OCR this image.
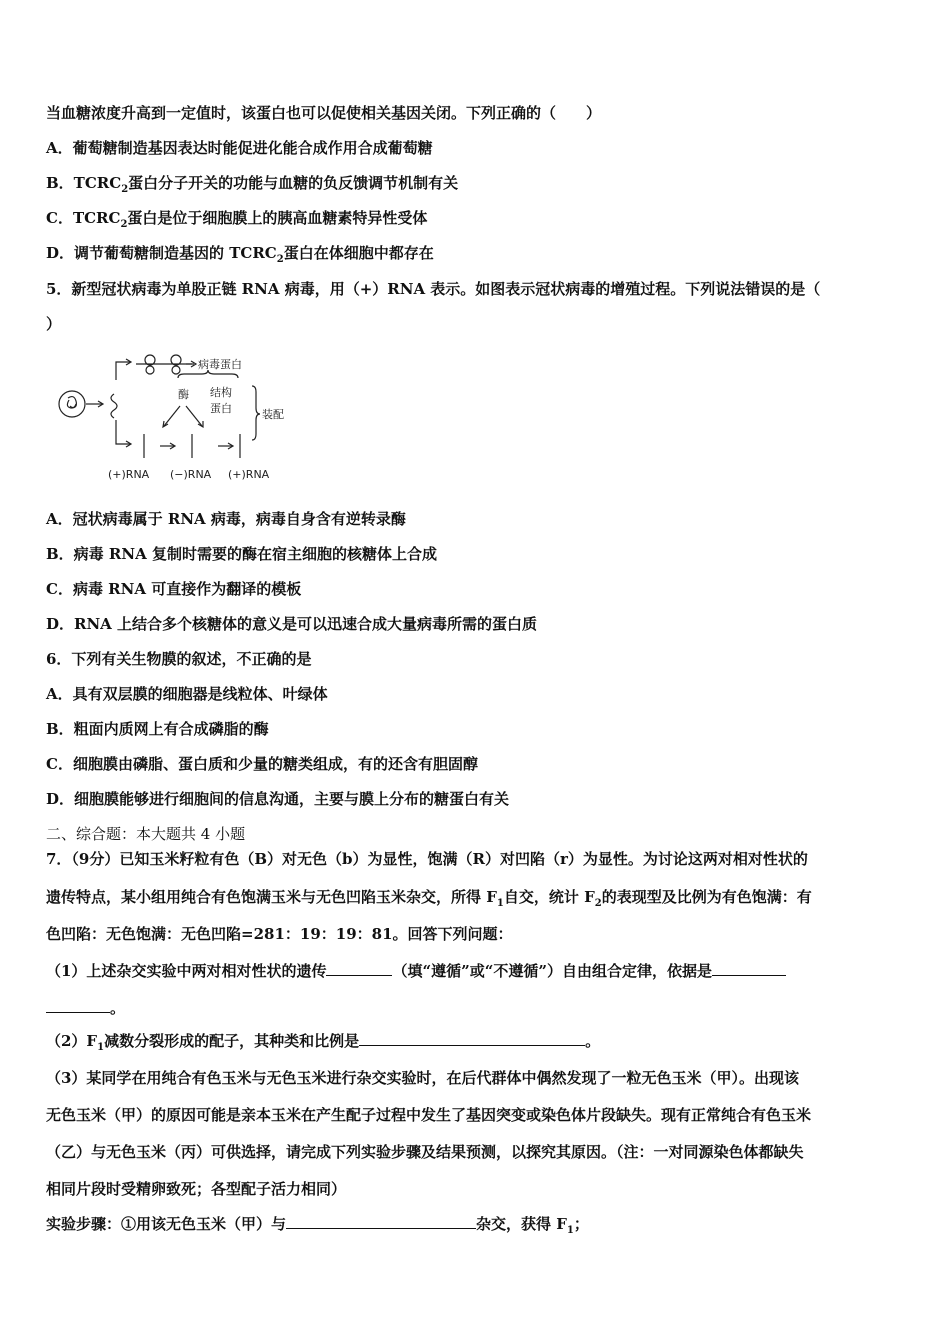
当血糖浓度升高到一定值时，该蛋白也可以促使相关基因关闭。下列正确的（　　）
A．葡萄糖制造基因表达时能促进化能合成作用合成葡萄糖
B．$TCRC_2$蛋白分子开关的功能与血糖的负反馈调节机制有关
C．$TCRC_2$蛋白是位于细胞膜上的胰高血糖素特异性受体
D．调节葡萄糖制造基因的 $TCRC_2$蛋白在体细胞中都存在
5．新型冠状病毒为单股正链 RNA 病毒，用（+）RNA 表示。如图表示冠状病毒的增殖过程。下列说法错误的是（
）
病毒蛋白
酶 结构
蛋白	装配
(+)RNA (−)RNA (+)RNA
A．冠状病毒属于 RNA 病毒，病毒自身含有逆转录酶
B．病毒 RNA 复制时需要的酶在宿主细胞的核糖体上合成
C．病毒 RNA 可直接作为翻译的模板
D．RNA 上结合多个核糖体的意义是可以迅速合成大量病毒所需的蛋白质
6．下列有关生物膜的叙述，不正确的是
A．具有双层膜的细胞器是线粒体、叶绿体
B．粗面内质网上有合成磷脂的酶
C．细胞膜由磷脂、蛋白质和少量的糖类组成，有的还含有胆固醇
D．细胞膜能够进行细胞间的信息沟通，主要与膜上分布的糖蛋白有关
二、综合题：本大题共 4 小题
7．（9分）已知玉米籽粒有色（B）对无色（b）为显性，饱满（R）对凹陷（r）为显性。为讨论这两对相对性状的
遗传特点，某小组用纯合有色饱满玉米与无色凹陷玉米杂交，所得 $F_1$自交，统计 $F_2$的表现型及比例为有色饱满：有
色凹陷：无色饱满：无色凹陷=281：19：19：81。回答下列问题：
（1）上述杂交实验中两对相对性状的遗传	（填“遵循”或“不遵循”）自由组合定律，依据是
。
$(2)F_1$减数分裂形成的配子，其种类和比例是	。
（3）某同学在用纯合有色玉米与无色玉米进行杂交实验时，在后代群体中偶然发现了一粒无色玉米（甲）。出现该
无色玉米（甲）的原因可能是亲本玉米在产生配子过程中发生了基因突变或染色体片段缺失。现有正常纯合有色玉米
（乙）与无色玉米（丙）可供选择，请完成下列实验步骤及结果预测，以探究其原因。（注：一对同源染色体都缺失
相同片段时受精卵致死；各型配子活力相同）
实验步骤：①用该无色玉米（甲）与	杂交，获得 $F_1$；
